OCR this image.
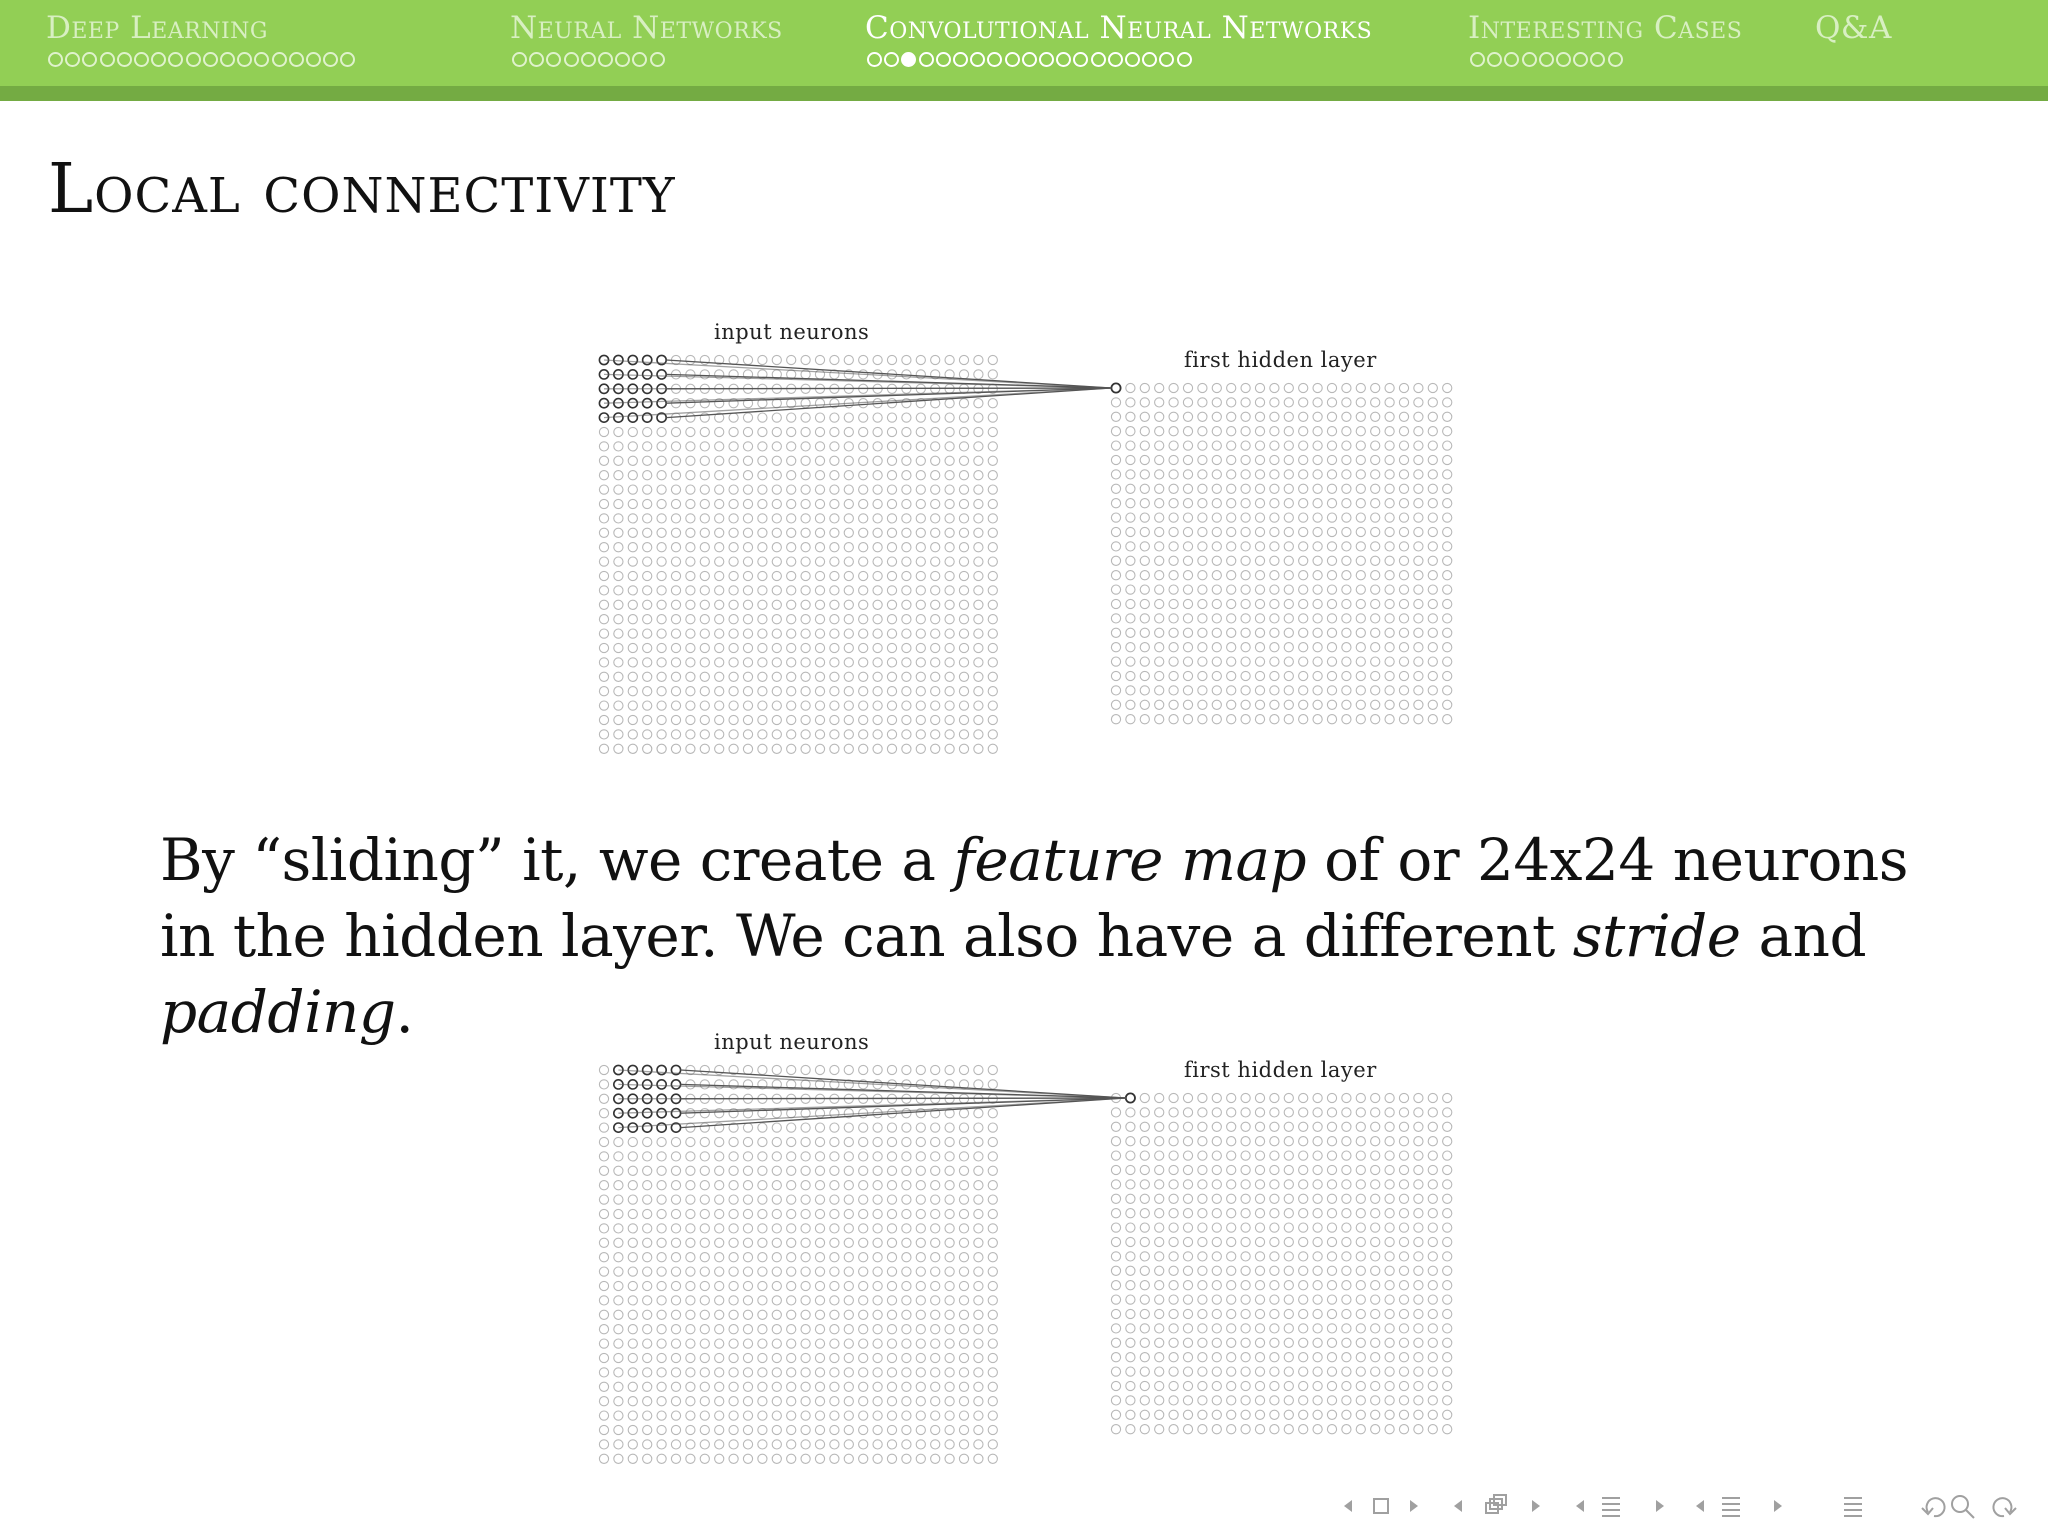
Deep Learning	Neural Networks	Convolutional Neural Networks	Interesting Cases Q&A
Local connectivity
input neurons
first hidden layer
By “sliding” it, we create a feature map of or 24x24 neurons in the hidden layer. We can also have a different stride and padding.	input neurons
first hidden layer
